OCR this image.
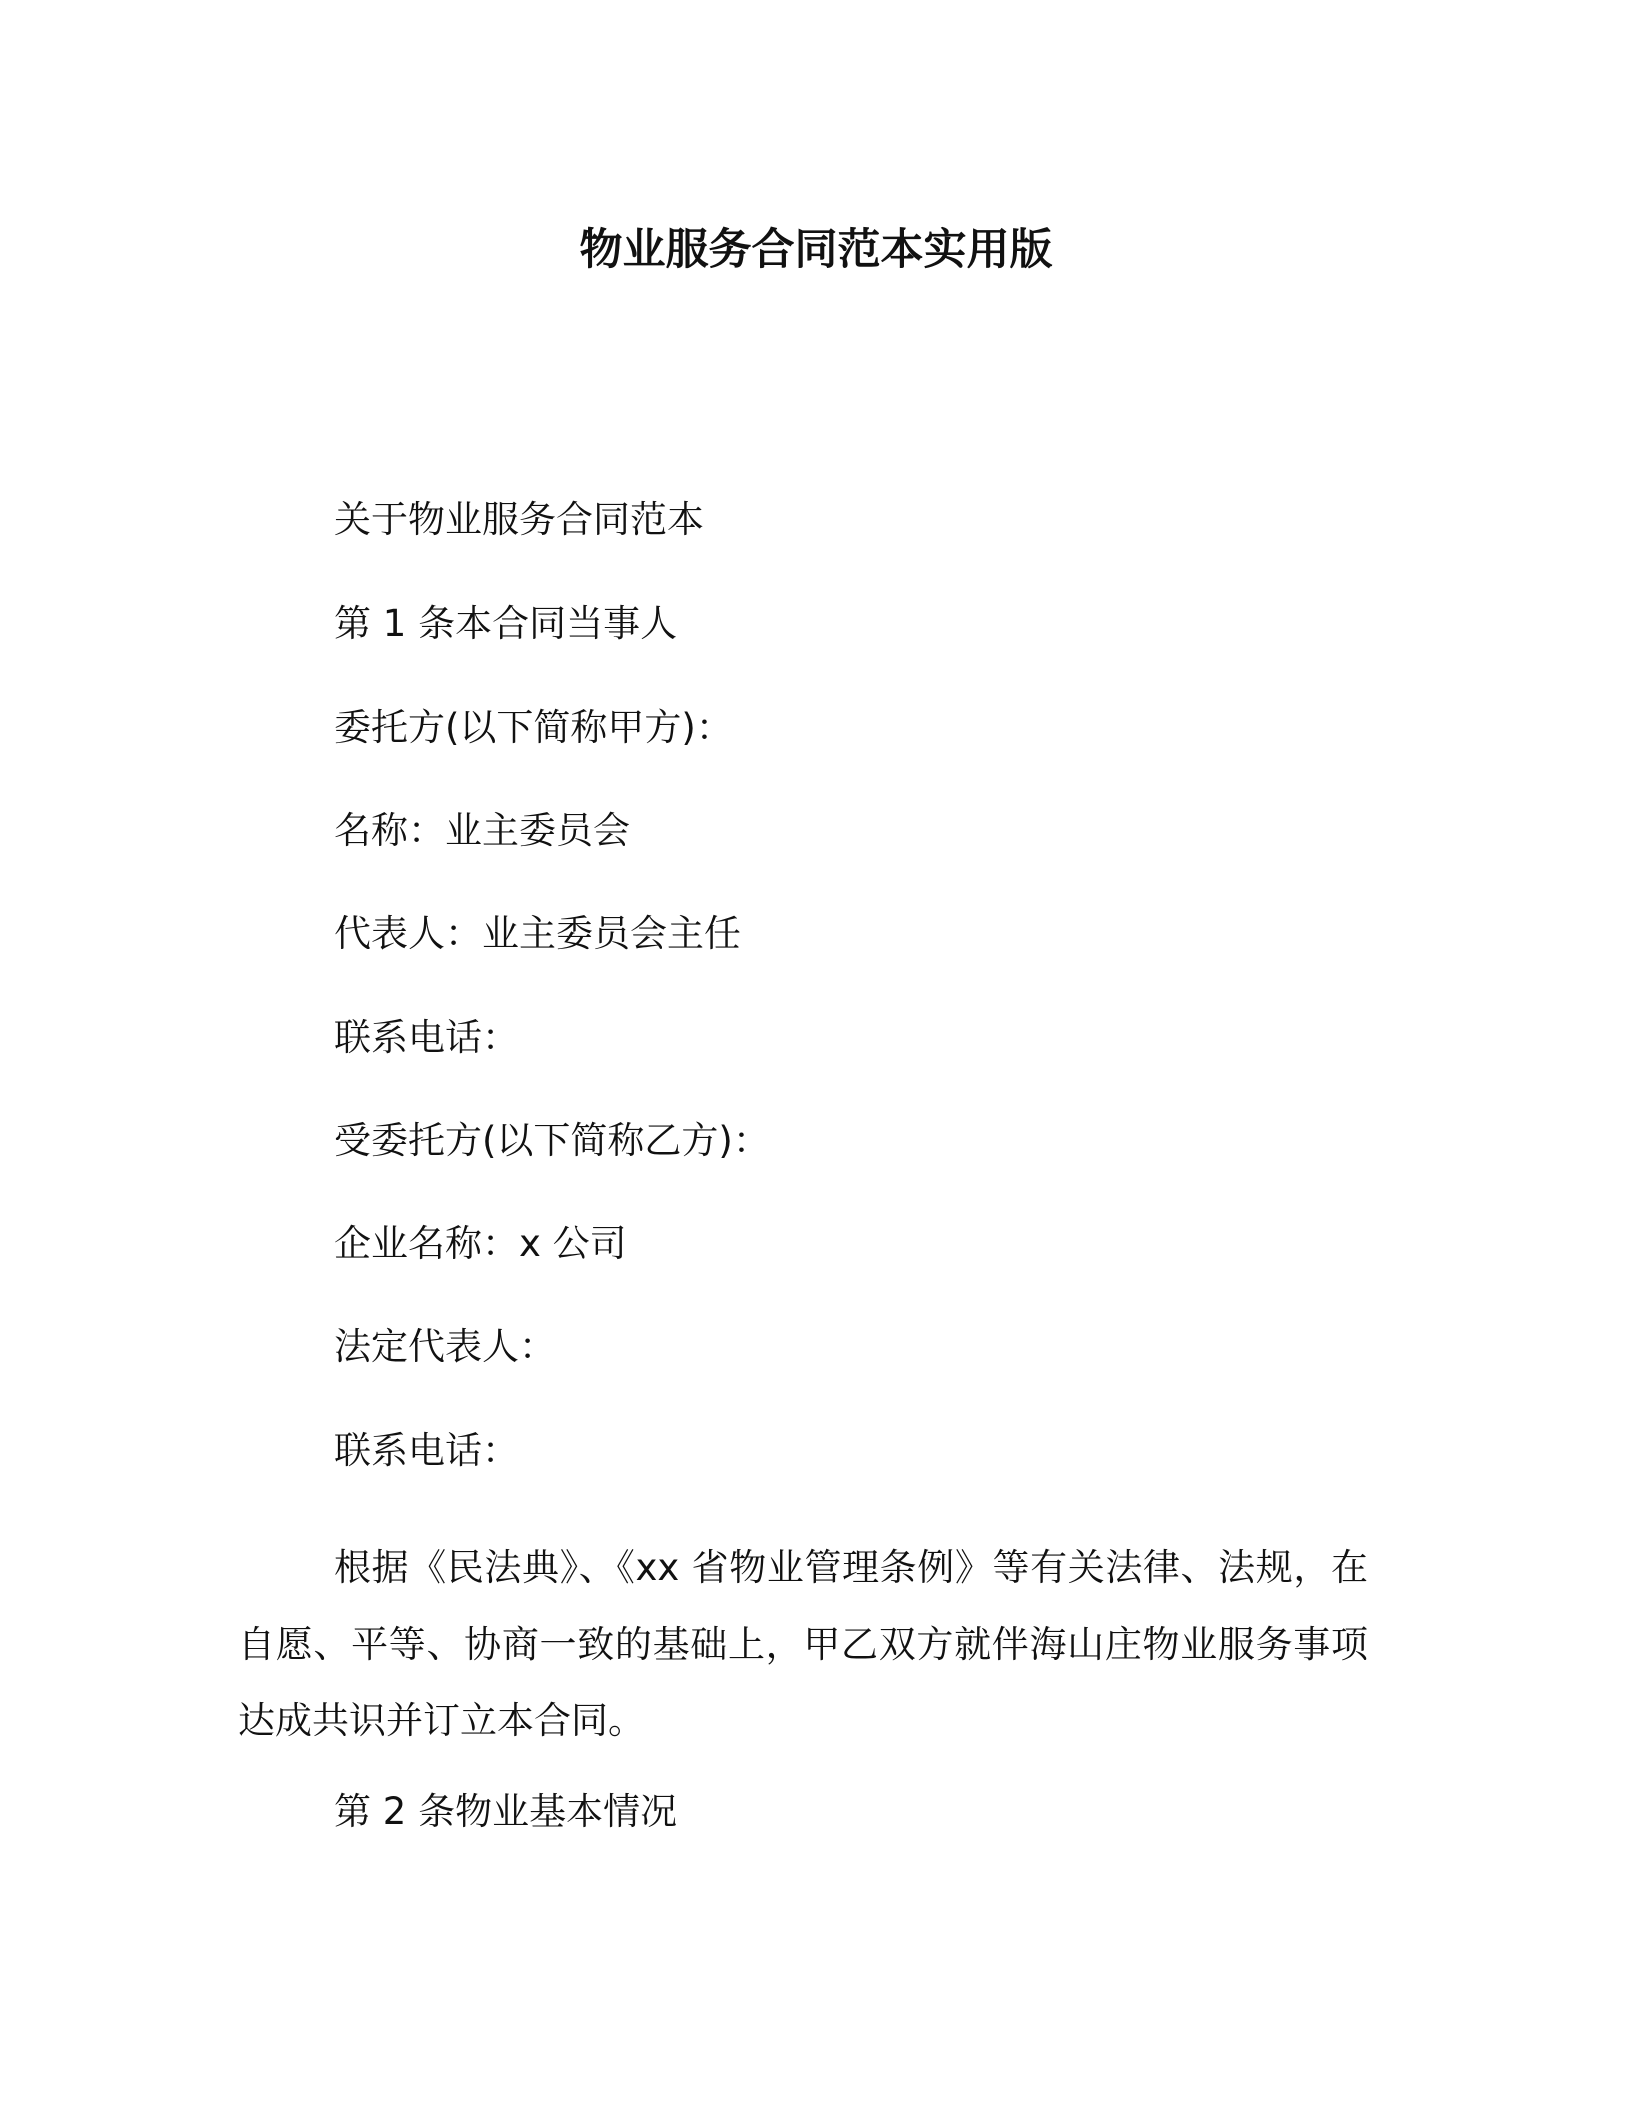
物业服务合同范本实用版
关于物业服务合同范本
第 1 条本合同当事人
委托方(以下简称甲方)：
名称：业主委员会
代表人：业主委员会主任
联系电话：
受委托方(以下简称乙方)：
企业名称：x 公司
法定代表人：
联系电话：
根据《民法典》、《xx 省物业管理条例》等有关法律、法规，在自愿、平等、协商一致的基础上，甲乙双方就伴海山庄物业服务事项达成共识并订立本合同。
第 2 条物业基本情况
